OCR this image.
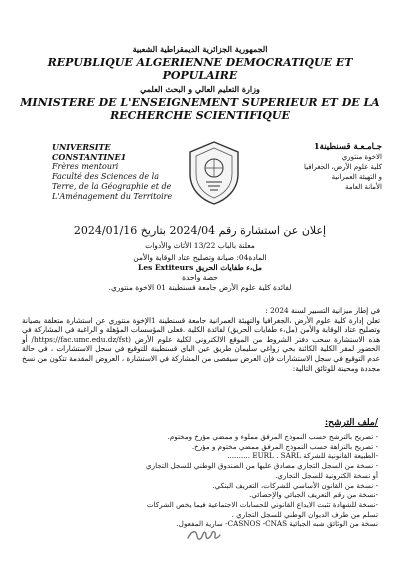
الجمهورية الجزائرية الديمقراطية الشعبية
REPUBLIQUE ALGERIENNE DEMOCRATIQUE ET POPULAIRE
وزارة التعليم العالي و البحث العلمي
MINISTERE DE L'ENSEIGNEMENT SUPERIEUR ET DE LA RECHERCHE SCIENTIFIQUE
UNIVERSITE CONSTANTINE1
Frères mentouri
Faculté des Sciences de la
Terre, de la Géographie et de
L'Aménagement du Territoire
جـامـعـة قسنطينة1
الاخوة منتوري
كلية علوم الأرض، الجغرافيا
و التهيئة العمرانية
الأمانة العامة
إعلان عن استشارة رقم 2024/04 بتاريخ 2024/01/16
معلنة بالباب 13/22 الأثاث والأدوات
المادة04: صيانة وتصليح عتاد الوقاية والأمن
مل،ء طفايات الحريق Les Extiteurs
حصة واحدة
لفائدة كلية علوم الأرض جامعة قسنطينة 01 الاخوة منتوري.

في إطار ميزانية التسيير لسنة 2024 :

تعلن إدارة كلية علوم الأرض ،الجغرافيا والتهيئة العمرانية جامعة قسنطينة 1الإخوة منتوري عن استشارة متعلقة بصيانة وتصليح عتاد الوقاية والأمن (مل،ء طفايات الحريق) لفائدة الكلية .فعلى المؤسسات المؤهلة و الراغبة في المشاركة في هذه الاستشارة سحب دفتر الشروط من الموقع الالكتروني لكلية علوم الأرض (https://fac.umc.edu.dz/fst/ أو الحضور لمقر الكلية الكائنة بحي زواغي سليمان طريق عين الباي قسنطينة للتوقيع في سجل الاستشارات ، في حالة عدم التوقيع في سجل الاستشارات فإن العرض سيقصى من المشاركة في الاستشارة ، العروض المقدمة تتكون من نسخ مجددة ومحينة للوثائق التالية:

/ملف الترشح:

- تصريح بالترشح حسب النموذج المرفق مملوء و ممضي مؤرخ ومختوم.

- تصريح بالنزاهة حسب النموذج المرفق ممضي مختوم و مؤرخ.

-الطبيعة القانونية للشركة EURL . SARL ..........

- نسخة من السجل التجاري مصادق عليها من الصندوق الوطني للسجل التجاري

أو نسخة الكترونية للسجل التجاري.

- نسخة من القانون الأساسي للشركات، التعريف البنكي.

-نسخة من رقم التعريف الجبائي والإحصائي.

-نسخة للشهادة تثبت الايداع القانوني للحسابات الاجتماعية فيما يخص الشركات

تسلم من طرف الديوان الوطني للسجل التجاري .

نسخة من الوثائق شبه الجبائية CASNOS -CNAS- سارية المفعول.
